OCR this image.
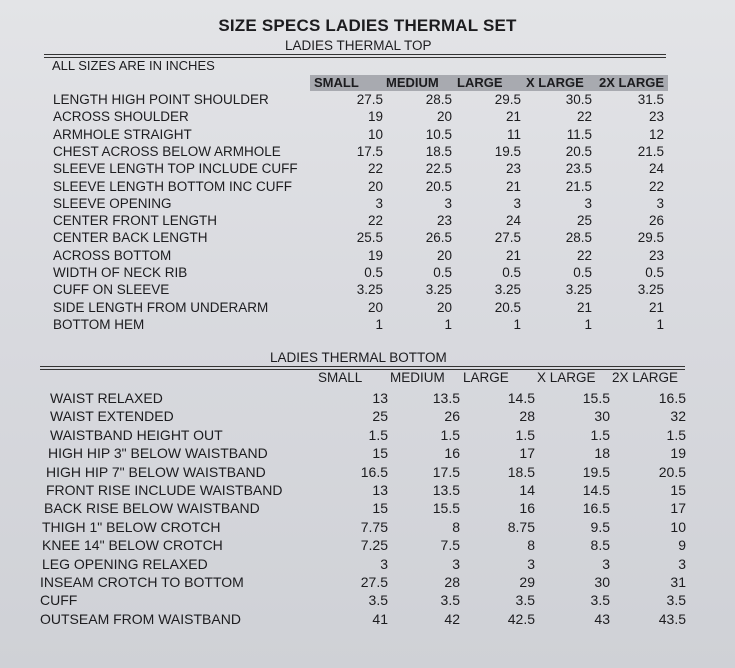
SIZE SPECS LADIES THERMAL SET
LADIES THERMAL TOP
ALL SIZES ARE IN INCHES
SMALL MEDIUM LARGE X LARGE 2X LARGE
LENGTH HIGH POINT SHOULDER	27.5	28.5	29.5	30.5	31.5
ACROSS SHOULDER	19	20	21	22	23
ARMHOLE STRAIGHT	10	10.5	11	11.5	12
CHEST ACROSS BELOW ARMHOLE	17.5	18.5	19.5	20.5	21.5
SLEEVE LENGTH TOP INCLUDE CUFF	22	22.5	23	23.5	24
SLEEVE LENGTH BOTTOM INC CUFF	20	20.5	21	21.5	22
SLEEVE OPENING	3	3	3	3	3
CENTER FRONT LENGTH	22	23	24	25	26
CENTER BACK LENGTH	25.5	26.5	27.5	28.5	29.5
ACROSS BOTTOM	19	20	21	22	23
WIDTH OF NECK RIB	0.5	0.5	0.5	0.5	0.5
CUFF ON SLEEVE	3.25	3.25	3.25	3.25	3.25
SIDE LENGTH FROM UNDERARM	20	20	20.5	21	21
BOTTOM HEM	1	1	1	1	1
LADIES THERMAL BOTTOM
SMALL MEDIUM LARGE X LARGE 2X LARGE
WAIST RELAXED	13	13.5	14.5	15.5	16.5
WAIST EXTENDED	25	26	28	30	32
WAISTBAND HEIGHT OUT	1.5	1.5	1.5	1.5	1.5
HIGH HIP 3" BELOW WAISTBAND	15	16	17	18	19
HIGH HIP 7" BELOW WAISTBAND	16.5	17.5	18.5	19.5	20.5
FRONT RISE INCLUDE WAISTBAND	13	13.5	14	14.5	15
BACK RISE BELOW WAISTBAND	15	15.5	16	16.5	17
THIGH 1" BELOW CROTCH	7.75	8	8.75	9.5	10
KNEE 14" BELOW CROTCH	7.25	7.5	8	8.5	9
LEG OPENING RELAXED	3	3	3	3	3
INSEAM CROTCH TO BOTTOM	27.5	28	29	30	31
CUFF	3.5	3.5	3.5	3.5	3.5
OUTSEAM FROM WAISTBAND	41	42	42.5	43	43.5
